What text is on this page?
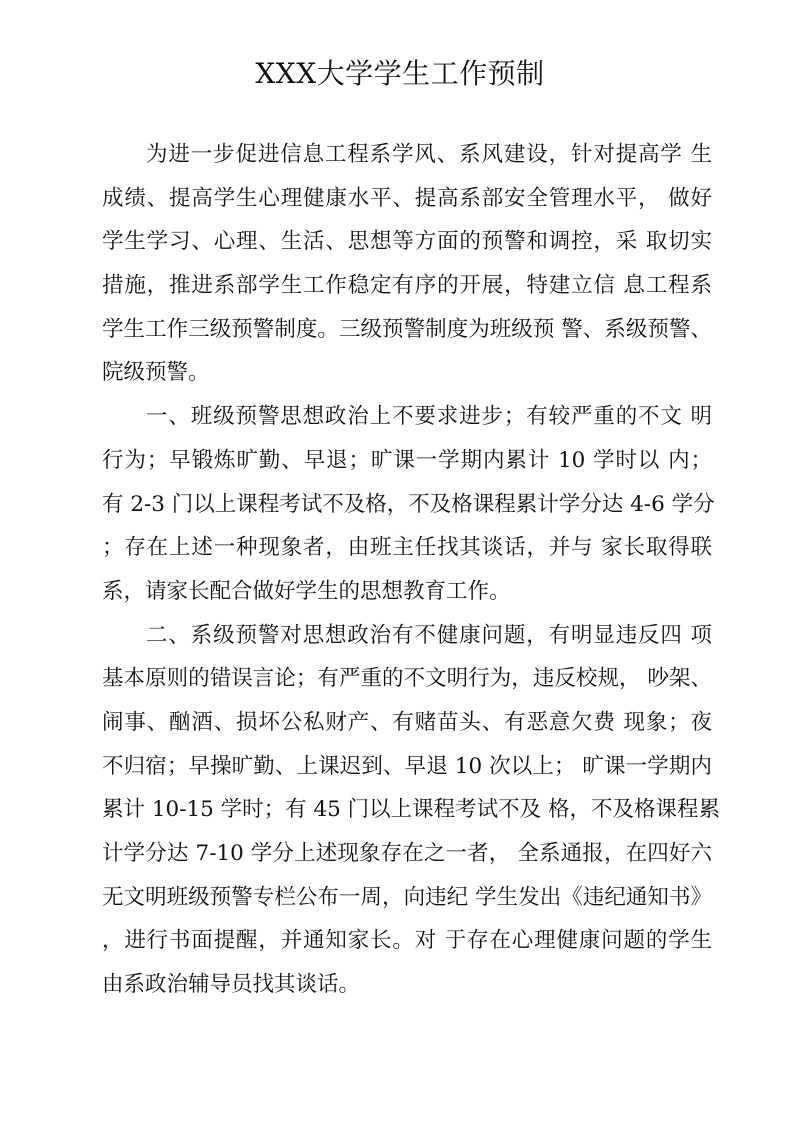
XXX大学学生工作预制
为进一步促进信息工程系学风、系风建设，针对提高学 生
成绩、提高学生心理健康水平、提高系部安全管理水平， 做好
学生学习、心理、生活、思想等方面的预警和调控，采 取切实
措施，推进系部学生工作稳定有序的开展，特建立信 息工程系
学生工作三级预警制度。三级预警制度为班级预 警、系级预警、
院级预警。
一、班级预警思想政治上不要求进步；有较严重的不文 明
行为；早锻炼旷勤、早退；旷课一学期内累计 10 学时以 内；
有 2-3 门以上课程考试不及格，不及格课程累计学分达 4-6 学分
；存在上述一种现象者，由班主任找其谈话，并与 家长取得联
系，请家长配合做好学生的思想教育工作。
二、系级预警对思想政治有不健康问题，有明显违反四 项
基本原则的错误言论；有严重的不文明行为，违反校规， 吵架、
闹事、酗酒、损坏公私财产、有赌苗头、有恶意欠费 现象；夜
不归宿；早操旷勤、上课迟到、早退 10 次以上； 旷课一学期内
累计 10-15 学时；有 45 门以上课程考试不及 格，不及格课程累
计学分达 7-10 学分上述现象存在之一者， 全系通报，在四好六
无文明班级预警专栏公布一周，向违纪 学生发出《违纪通知书》
，进行书面提醒，并通知家长。对 于存在心理健康问题的学生
由系政治辅导员找其谈话。
